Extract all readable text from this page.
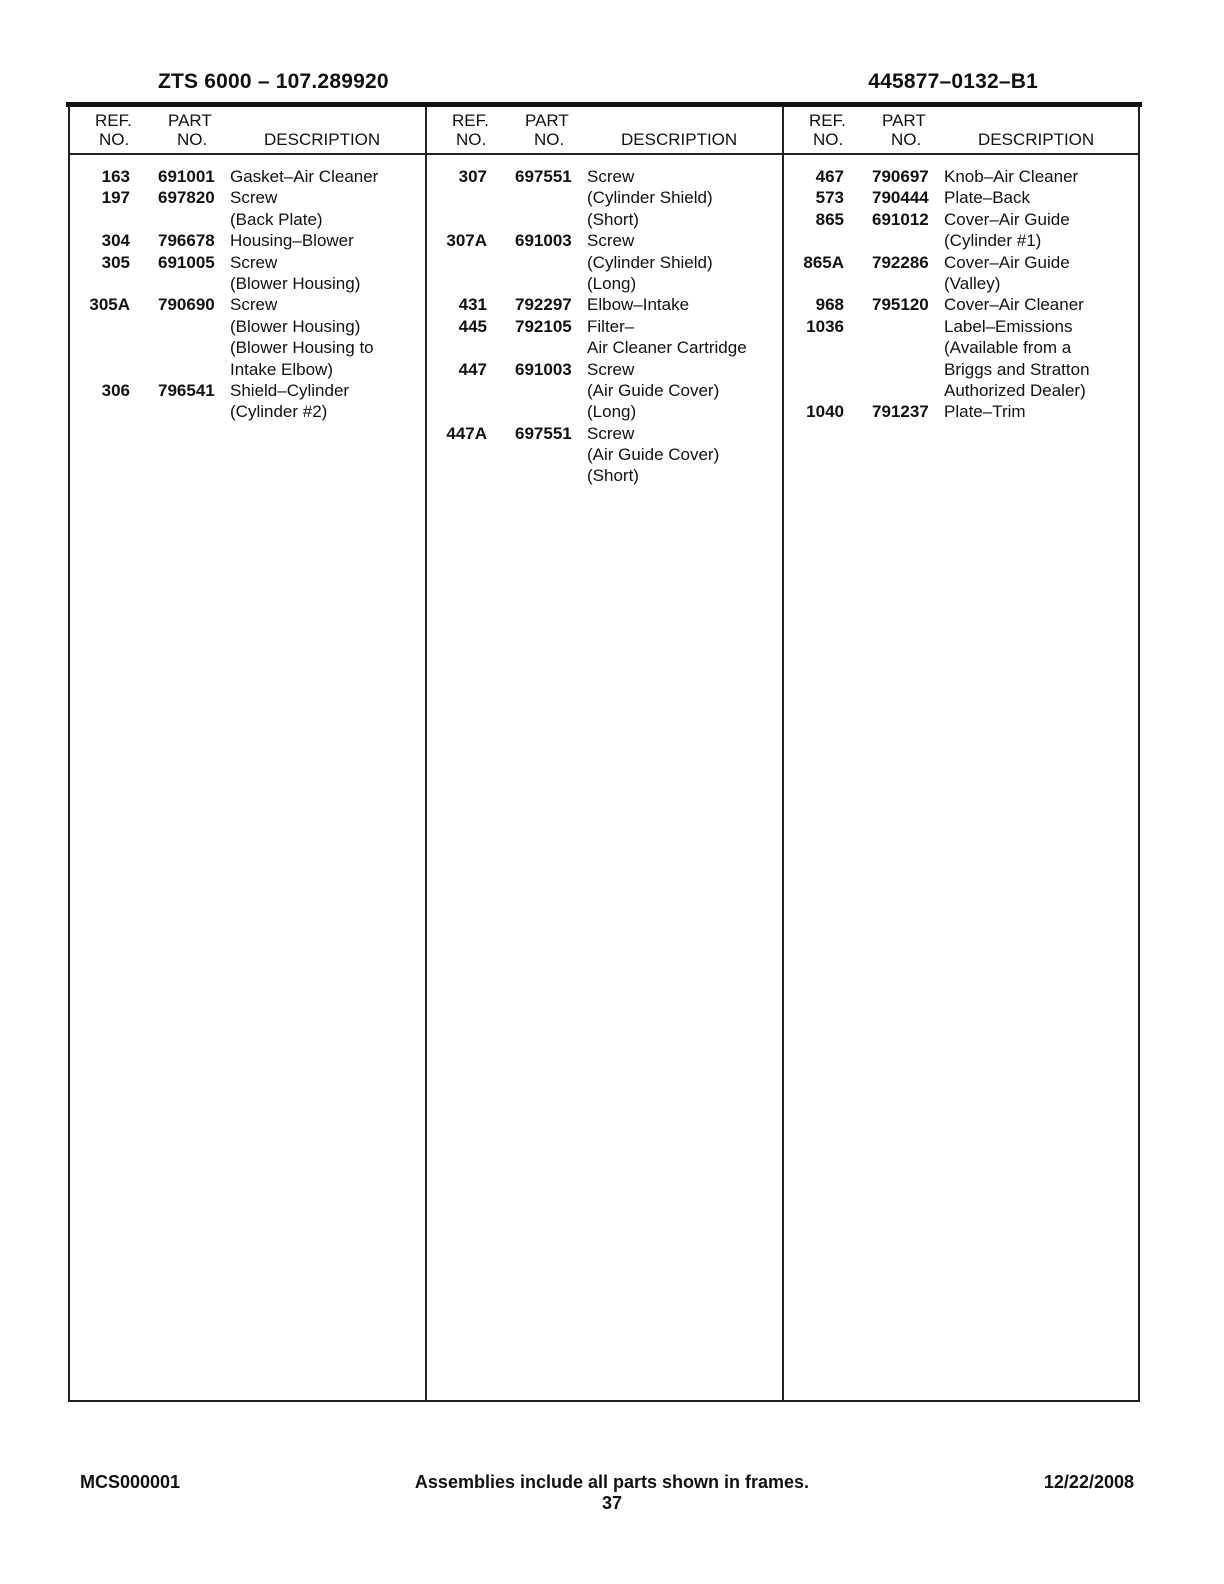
ZTS 6000 – 107.289920	445877–0132–B1
REF.
NO.
PART
NO.	DESCRIPTION
163 691001 Gasket–Air Cleaner
197 697820 Screw
(Back Plate)
304 796678 Housing–Blower
305 691005 Screw
(Blower Housing)
305A 790690 Screw
(Blower Housing)
(Blower Housing to
Intake Elbow)
306 796541 Shield–Cylinder
(Cylinder #2)
REF.
NO.
PART
NO.	DESCRIPTION
307 697551 Screw
(Cylinder Shield)
(Short)
307A 691003 Screw
(Cylinder Shield)
(Long)
431 792297 Elbow–Intake
445 792105 Filter–
Air Cleaner Cartridge
447 691003 Screw
(Air Guide Cover)
(Long)
447A 697551 Screw
(Air Guide Cover)
(Short)
REF.
NO.
PART
NO.	DESCRIPTION
467 790697 Knob–Air Cleaner
573 790444 Plate–Back
865 691012 Cover–Air Guide
(Cylinder #1)
865A 792286 Cover–Air Guide
(Valley)
968 795120 Cover–Air Cleaner
1036	Label–Emissions
(Available from a
Briggs and Stratton
Authorized Dealer)
1040 791237 Plate–Trim
MCS000001	Assemblies include all parts shown in frames.
37
12/22/2008
